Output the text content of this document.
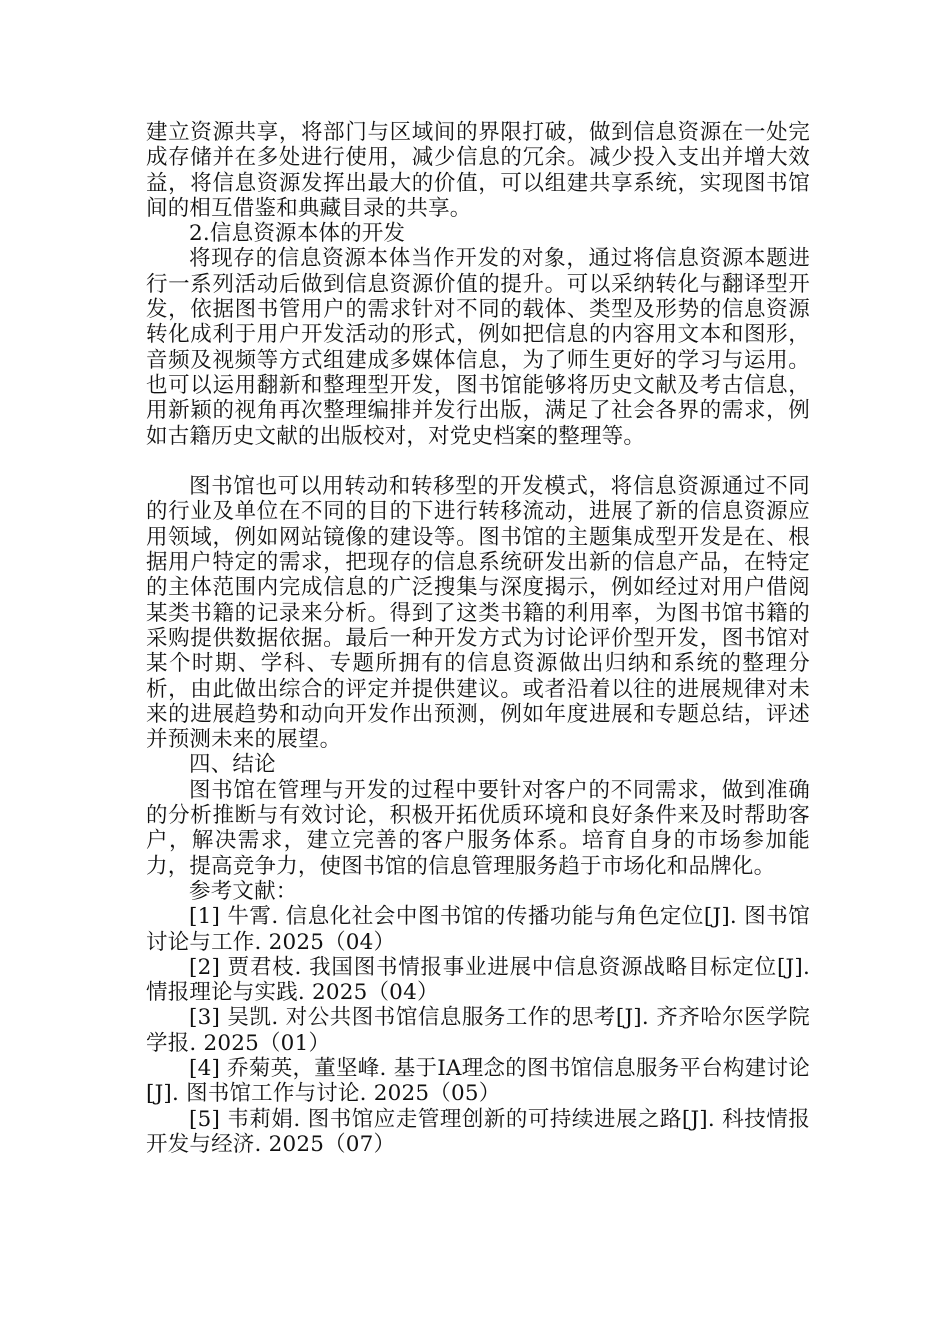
建立资源共享，将部门与区域间的界限打破，做到信息资源在一处完成存储并在多处进行使用，减少信息的冗余。减少投入支出并增大效益，将信息资源发挥出最大的价值，可以组建共享系统，实现图书馆间的相互借鉴和典藏目录的共享。

2.信息资源本体的开发

将现存的信息资源本体当作开发的对象，通过将信息资源本题进行一系列活动后做到信息资源价值的提升。可以采纳转化与翻译型开发，依据图书管用户的需求针对不同的载体、类型及形势的信息资源转化成利于用户开发活动的形式，例如把信息的内容用文本和图形，音频及视频等方式组建成多媒体信息，为了师生更好的学习与运用。也可以运用翻新和整理型开发，图书馆能够将历史文献及考古信息，用新颖的视角再次整理编排并发行出版，满足了社会各界的需求，例如古籍历史文献的出版校对，对党史档案的整理等。

图书馆也可以用转动和转移型的开发模式，将信息资源通过不同的行业及单位在不同的目的下进行转移流动，进展了新的信息资源应用领域，例如网站镜像的建设等。图书馆的主题集成型开发是在、根据用户特定的需求，把现存的信息系统研发出新的信息产品，在特定的主体范围内完成信息的广泛搜集与深度揭示，例如经过对用户借阅某类书籍的记录来分析。得到了这类书籍的利用率，为图书馆书籍的采购提供数据依据。最后一种开发方式为讨论评价型开发，图书馆对某个时期、学科、专题所拥有的信息资源做出归纳和系统的整理分析，由此做出综合的评定并提供建议。或者沿着以往的进展规律对未来的进展趋势和动向开发作出预测，例如年度进展和专题总结，评述并预测未来的展望。

四、结论

图书馆在管理与开发的过程中要针对客户的不同需求，做到准确的分析推断与有效讨论，积极开拓优质环境和良好条件来及时帮助客户，解决需求，建立完善的客户服务体系。培育自身的市场参加能力，提高竞争力，使图书馆的信息管理服务趋于市场化和品牌化。

参考文献：

[1] 牛霄. 信息化社会中图书馆的传播功能与角色定位[J]. 图书馆讨论与工作. 2025（04）

[2] 贾君枝. 我国图书情报事业进展中信息资源战略目标定位[J]. 情报理论与实践. 2025（04）

[3] 吴凯. 对公共图书馆信息服务工作的思考[J]. 齐齐哈尔医学院学报. 2025（01）

[4] 乔菊英，董坚峰. 基于IA理念的图书馆信息服务平台构建讨论[J]. 图书馆工作与讨论. 2025（05）

[5] 韦莉娟. 图书馆应走管理创新的可持续进展之路[J]. 科技情报开发与经济. 2025（07）
